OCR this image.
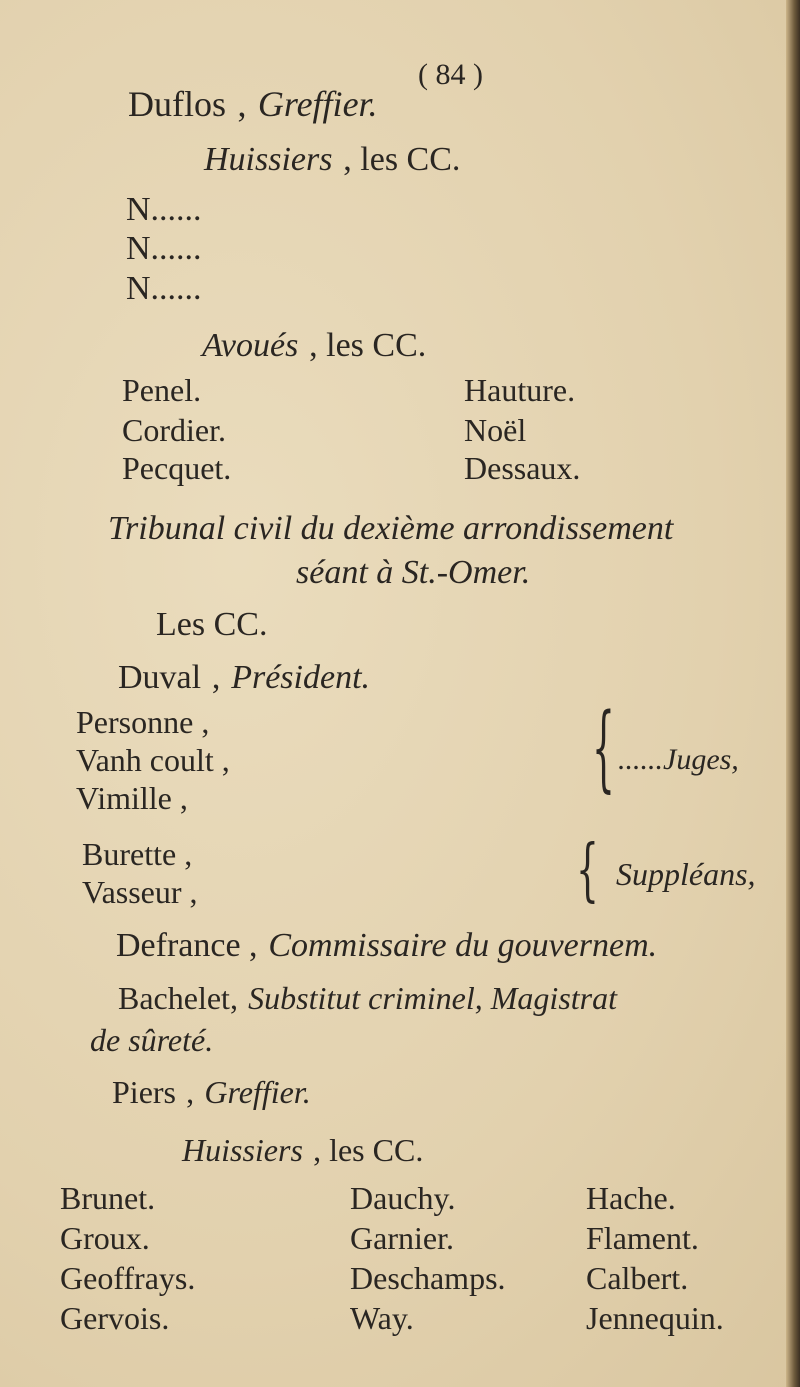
( 84 )
Duflos , Greffier.
Huissiers , les CC.
N......
N......
N......
Avoués , les CC.
Penel.
Cordier.
Pecquet.
Hauture.
Noël
Dessaux.
Tribunal civil du dexième arrondissement
séant à St.-Omer.
Les CC.
Duval , Président.
Personne ,
Vanh coult ,
Vimille ,	{ ......Juges,
Burette ,
Vasseur ,	{ Suppléans,
Defrance , Commissaire du gouvernem.
Bachelet, Substitut criminel, Magistrat
de sûreté.
Piers , Greffier.
Huissiers , les CC.
Brunet.
Groux.
Geoffrays.
Gervois.
Dauchy.
Garnier.
Deschamps.
Way.
Hache.
Flament.
Calbert.
Jennequin.
